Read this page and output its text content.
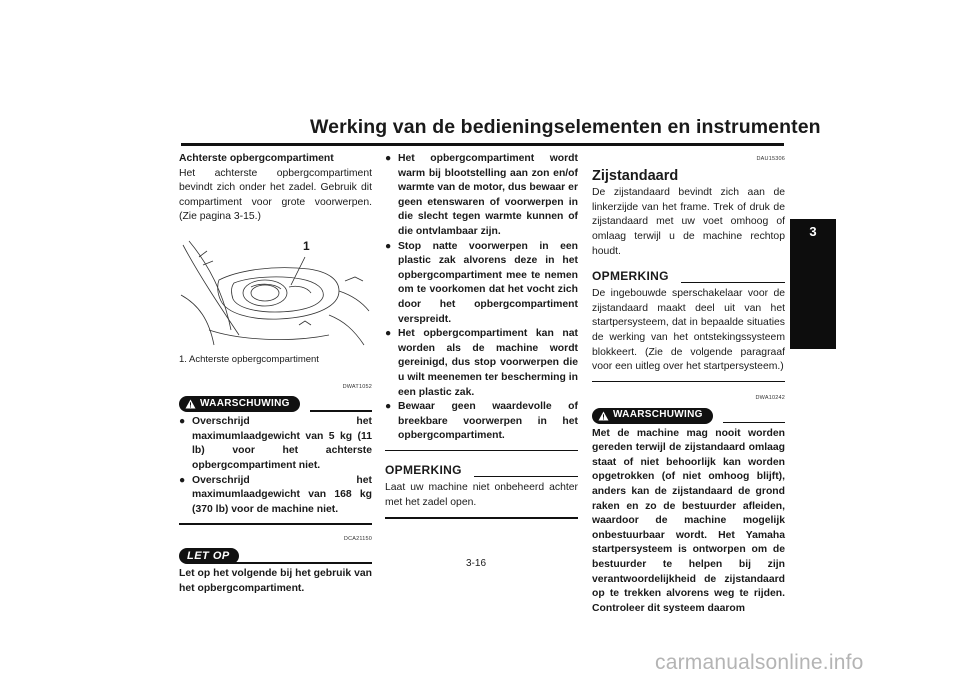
Werking van de bedieningselementen en instrumenten
3

Achterste opbergcompartiment

Het achterste opbergcompartiment bevindt zich onder het zadel. Gebruik dit compartiment voor grote voorwerpen. (Zie pagina 3-15.)

1

1. Achterste opbergcompartiment

DWAT1052
WAARSCHUWING
● Overschrijd het maximumlaadgewicht van 5 kg (11 lb) voor het achterste opbergcompartiment niet.
● Overschrijd het maximumlaadgewicht van 168 kg (370 lb) voor de machine niet.
DCA21150
LET OP

Let op het volgende bij het gebruik van het opbergcompartiment.

● Het opbergcompartiment wordt warm bij blootstelling aan zon en/of warmte van de motor, dus bewaar er geen etenswaren of voorwerpen in die slecht tegen warmte kunnen of die ontvlambaar zijn.
● Stop natte voorwerpen in een plastic zak alvorens deze in het opbergcompartiment mee te nemen om te voorkomen dat het vocht zich door het opbergcompartiment verspreidt.
● Het opbergcompartiment kan nat worden als de machine wordt gereinigd, dus stop voorwerpen die u wilt meenemen ter bescherming in een plastic zak.
● Bewaar geen waardevolle of breekbare voorwerpen in het opbergcompartiment.
OPMERKING

Laat uw machine niet onbeheerd achter met het zadel open.

DAU15306
Zijstandaard

De zijstandaard bevindt zich aan de linkerzijde van het frame. Trek of druk de zijstandaard met uw voet omhoog of omlaag terwijl u de machine rechtop houdt.

OPMERKING

De ingebouwde sperschakelaar voor de zijstandaard maakt deel uit van het startpersysteem, dat in bepaalde situaties de werking van het ontstekingssysteem blokkeert. (Zie de volgende paragraaf voor een uitleg over het startpersysteem.)

DWA10242
WAARSCHUWING

Met de machine mag nooit worden gereden terwijl de zijstandaard omlaag staat of niet behoorlijk kan worden opgetrokken (of niet omhoog blijft), anders kan de zijstandaard de grond raken en zo de bestuurder afleiden, waardoor de machine mogelijk onbestuurbaar wordt. Het Yamaha startpersysteem is ontworpen om de bestuurder te helpen bij zijn verantwoordelijkheid de zijstandaard op te trekken alvorens weg te rijden. Controleer dit systeem daarom

3-16
carmanualsonline.info
